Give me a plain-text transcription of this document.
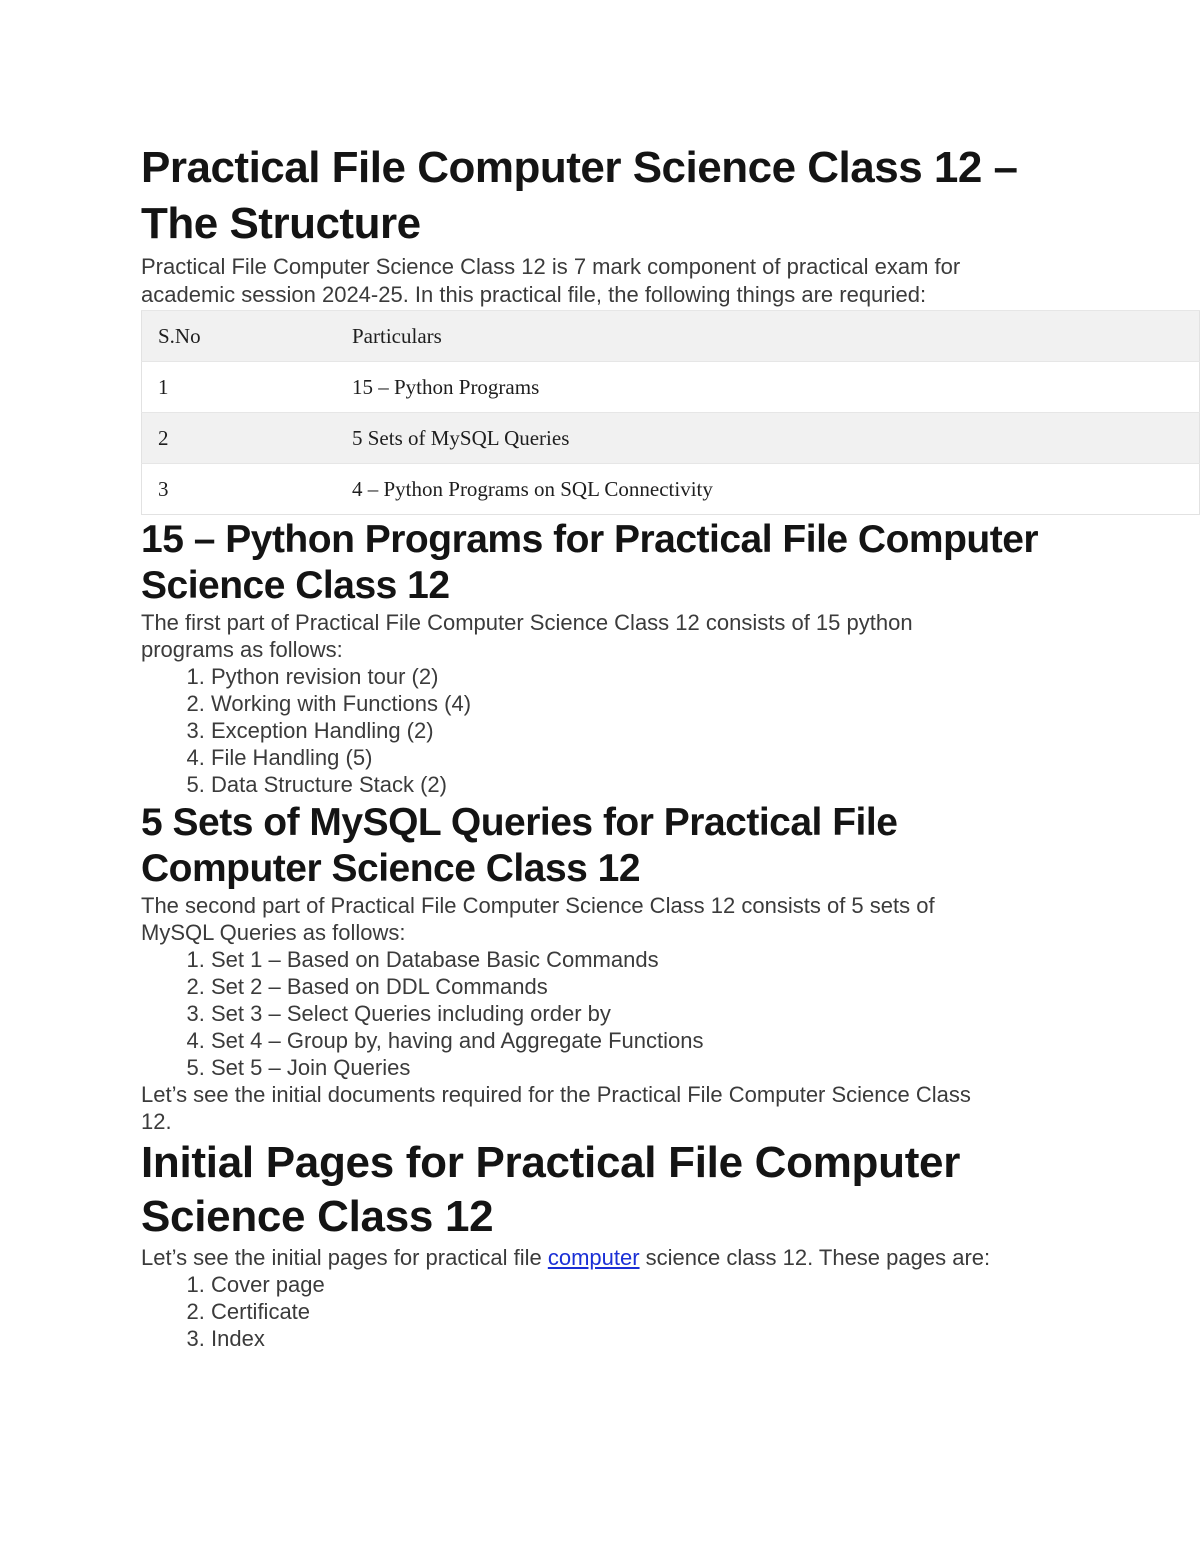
Practical File Computer Science Class 12 –
The Structure

Practical File Computer Science Class 12 is 7 mark component of practical exam for
academic session 2024-25. In this practical file, the following things are requried:

S.No	Particulars
1	15 – Python Programs
2	5 Sets of MySQL Queries
3	4 – Python Programs on SQL Connectivity
15 – Python Programs for Practical File Computer
Science Class 12

The first part of Practical File Computer Science Class 12 consists of 15 python
programs as follows:

1. Python revision tour (2)
2. Working with Functions (4)
3. Exception Handling (2)
4. File Handling (5)
5. Data Structure Stack (2)
5 Sets of MySQL Queries for Practical File
Computer Science Class 12

The second part of Practical File Computer Science Class 12 consists of 5 sets of
MySQL Queries as follows:

1. Set 1 – Based on Database Basic Commands
2. Set 2 – Based on DDL Commands
3. Set 3 – Select Queries including order by
4. Set 4 – Group by, having and Aggregate Functions
5. Set 5 – Join Queries

Let’s see the initial documents required for the Practical File Computer Science Class
12.

Initial Pages for Practical File Computer
Science Class 12

Let’s see the initial pages for practical file computer science class 12. These pages are:

1. Cover page
2. Certificate
3. Index
